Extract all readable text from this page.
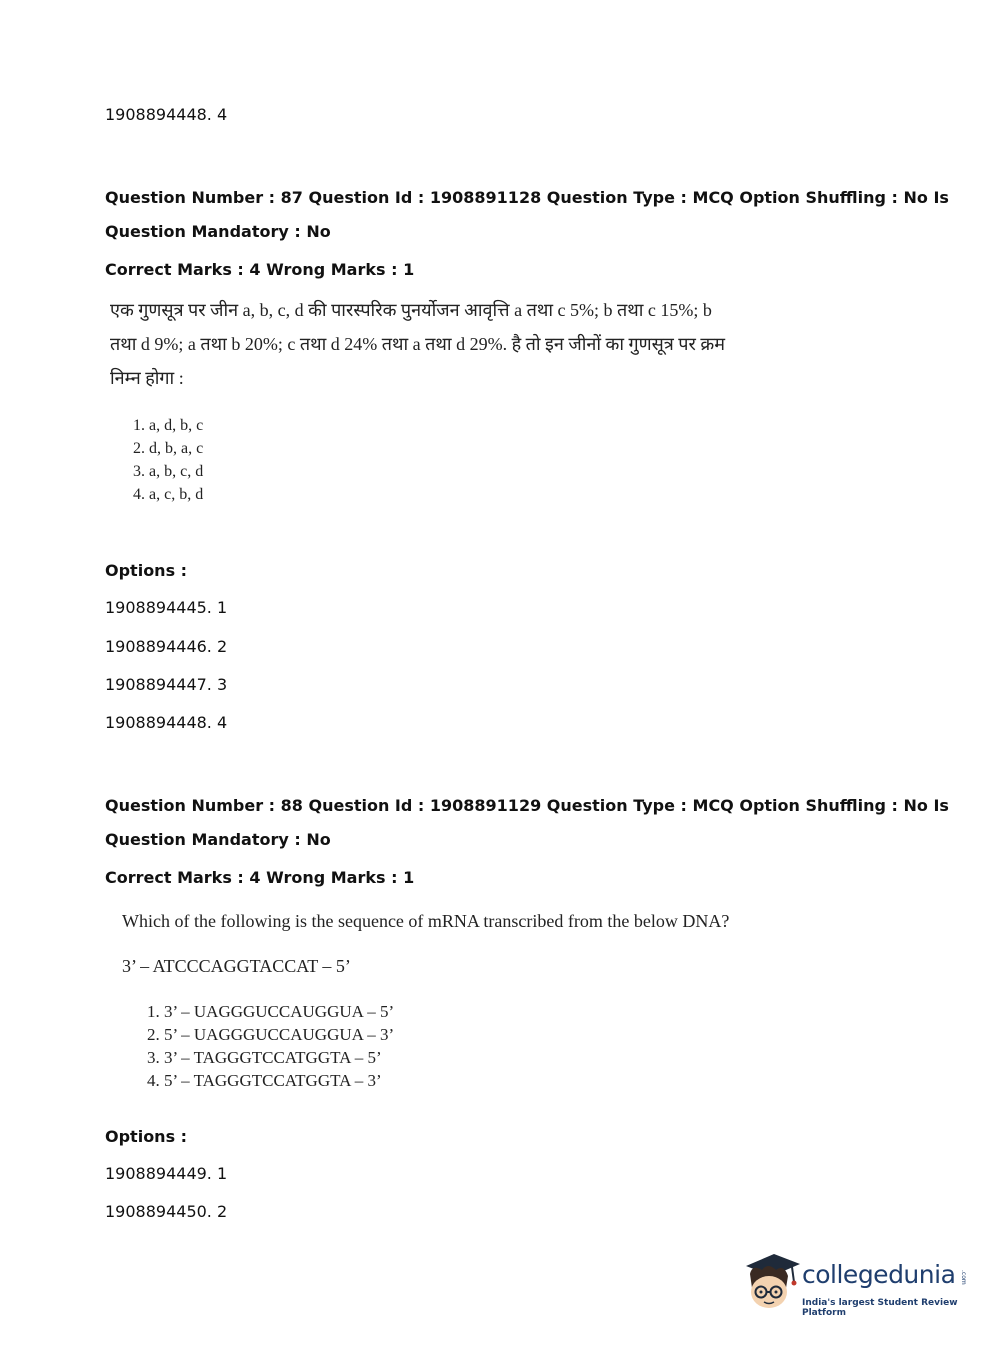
1908894448. 4
Question Number : 87 Question Id : 1908891128 Question Type : MCQ Option Shuffling : No Is
Question Mandatory : No
Correct Marks : 4 Wrong Marks : 1
एक गुणसूत्र पर जीन a, b, c, d की पारस्परिक पुनर्योजन आवृत्ति a तथा c 5%; b तथा c 15%; b
तथा d 9%; a तथा b 20%; c तथा d 24% तथा a तथा d 29%. है तो इन जीनों का गुणसूत्र पर क्रम
निम्न होगा :
1. a, d, b, c
2. d, b, a, c
3. a, b, c, d
4. a, c, b, d
Options :
1908894445. 1
1908894446. 2
1908894447. 3
1908894448. 4
Question Number : 88 Question Id : 1908891129 Question Type : MCQ Option Shuffling : No Is
Question Mandatory : No
Correct Marks : 4 Wrong Marks : 1
Which of the following is the sequence of mRNA transcribed from the below DNA?
3’ – ATCCCAGGTACCAT – 5’
1. 3’ – UAGGGUCCAUGGUA – 5’
2. 5’ – UAGGGUCCAUGGUA – 3’
3. 3’ – TAGGGTCCATGGTA – 5’
4. 5’ – TAGGGTCCATGGTA – 3’
Options :
1908894449. 1
1908894450. 2
collegedunia .com
India's largest Student Review Platform
